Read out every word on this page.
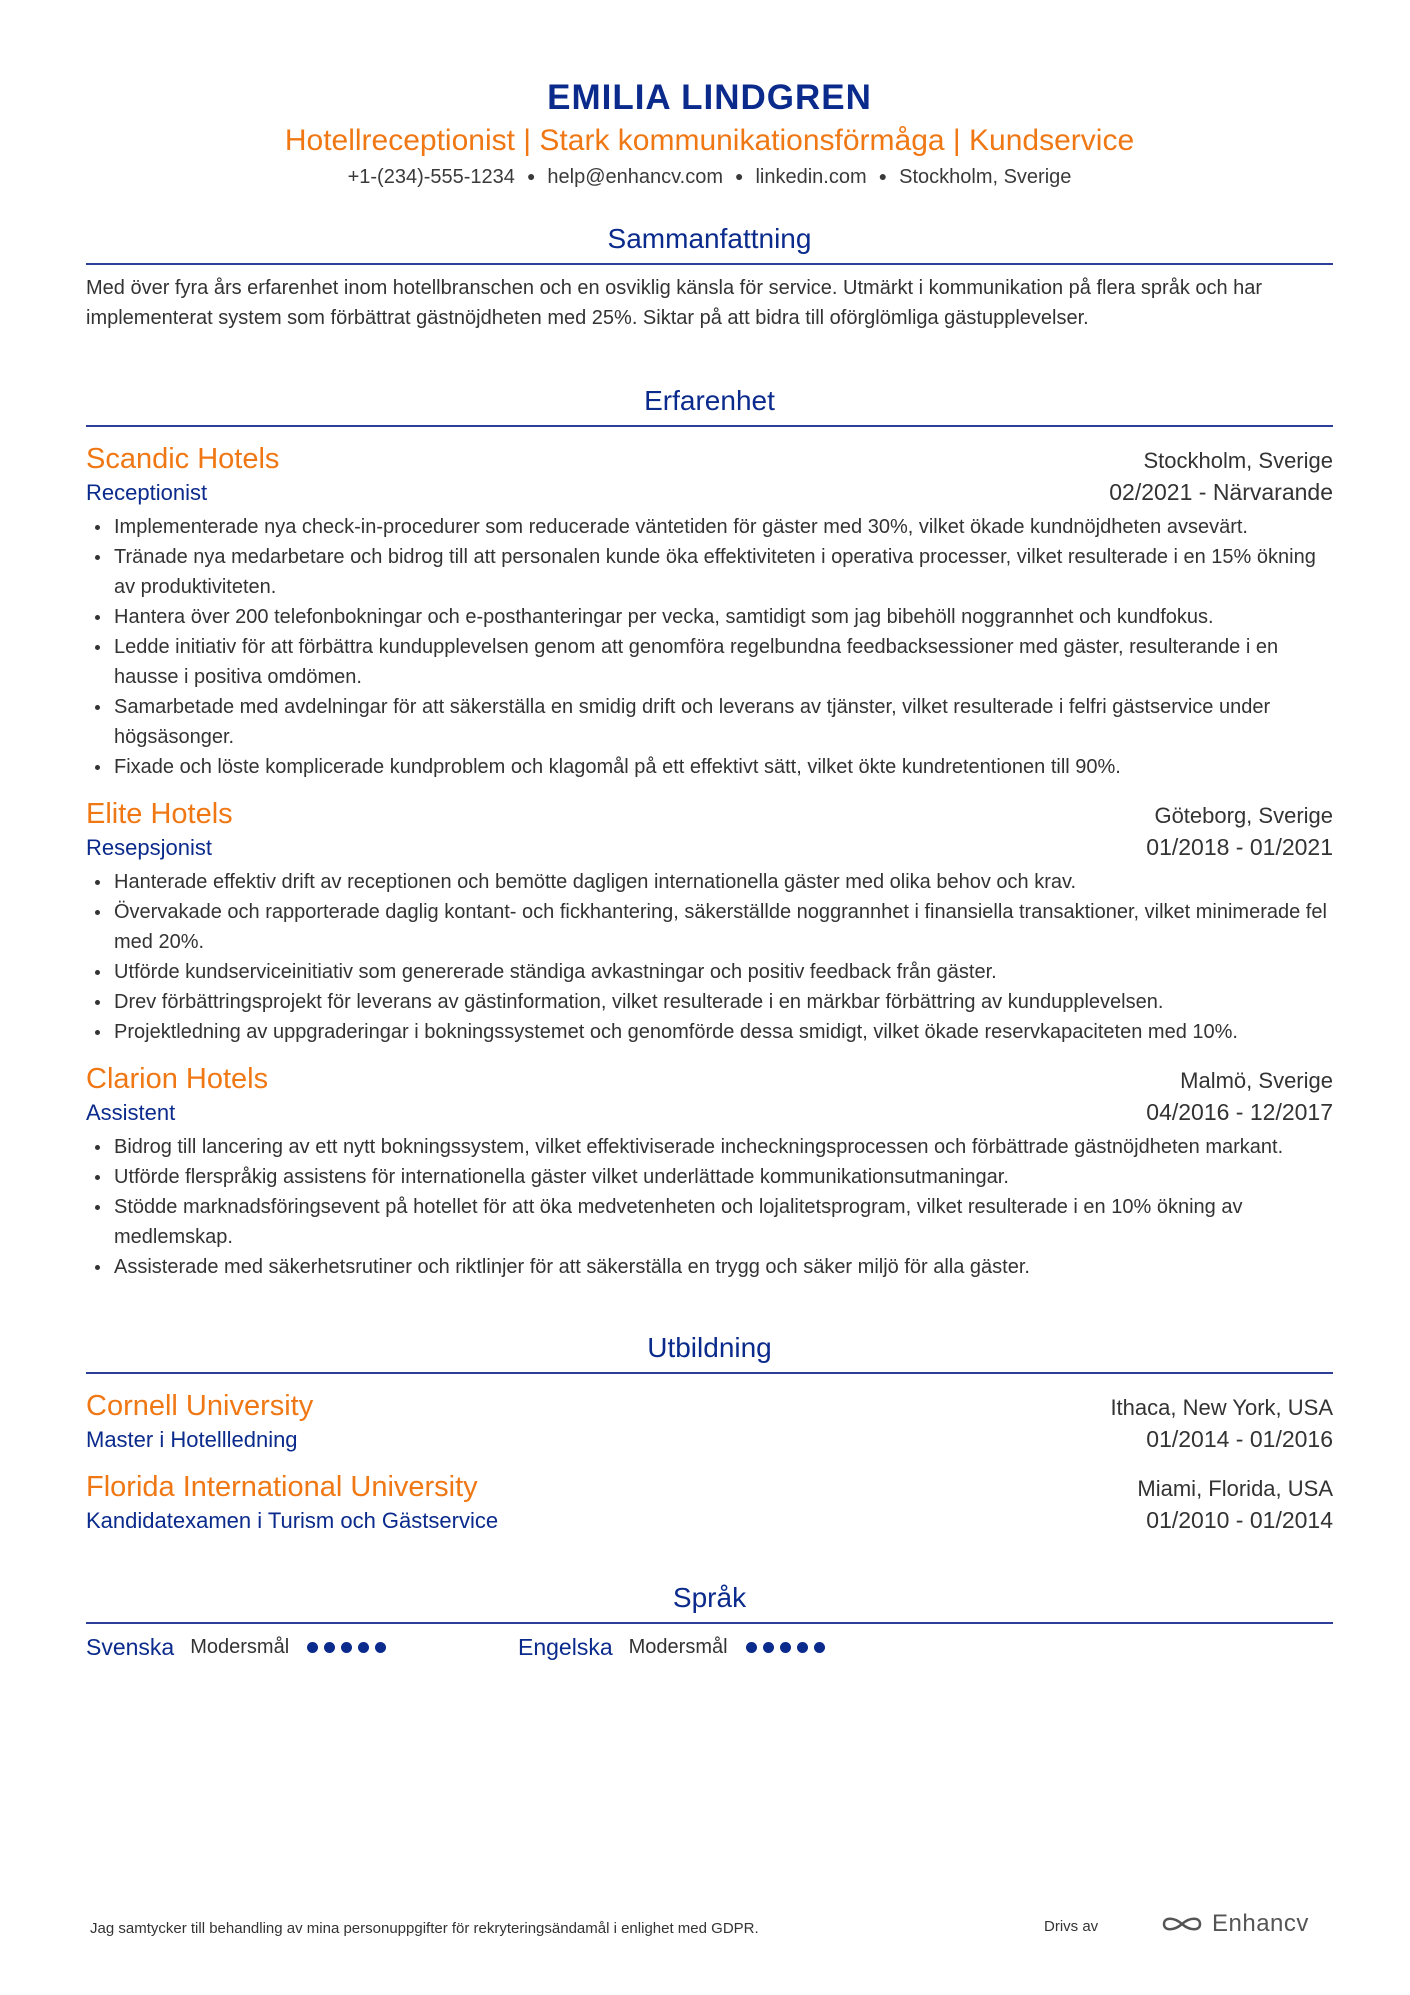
EMILIA LINDGREN
Hotellreceptionist | Stark kommunikationsförmåga | Kundservice
+1-(234)-555-1234 ● help@enhancv.com ● linkedin.com ● Stockholm, Sverige
Sammanfattning
Med över fyra års erfarenhet inom hotellbranschen och en osviklig känsla för service. Utmärkt i kommunikation på flera språk och har implementerat system som förbättrat gästnöjdheten med 25%. Siktar på att bidra till oförglömliga gästupplevelser.
Erfarenhet
Scandic Hotels	Stockholm, Sverige
Receptionist	02/2021 - Närvarande
Implementerade nya check-in-procedurer som reducerade väntetiden för gäster med 30%, vilket ökade kundnöjdheten avsevärt.
Tränade nya medarbetare och bidrog till att personalen kunde öka effektiviteten i operativa processer, vilket resulterade i en 15% ökning av produktiviteten.
Hantera över 200 telefonbokningar och e-posthanteringar per vecka, samtidigt som jag bibehöll noggrannhet och kundfokus.
Ledde initiativ för att förbättra kundupplevelsen genom att genomföra regelbundna feedbacksessioner med gäster, resulterande i en hausse i positiva omdömen.
Samarbetade med avdelningar för att säkerställa en smidig drift och leverans av tjänster, vilket resulterade i felfri gästservice under högsäsonger.
Fixade och löste komplicerade kundproblem och klagomål på ett effektivt sätt, vilket ökte kundretentionen till 90%.
Elite Hotels	Göteborg, Sverige
Resepsjonist	01/2018 - 01/2021
Hanterade effektiv drift av receptionen och bemötte dagligen internationella gäster med olika behov och krav.
Övervakade och rapporterade daglig kontant- och fickhantering, säkerställde noggrannhet i finansiella transaktioner, vilket minimerade fel med 20%.
Utförde kundserviceinitiativ som genererade ständiga avkastningar och positiv feedback från gäster.
Drev förbättringsprojekt för leverans av gästinformation, vilket resulterade i en märkbar förbättring av kundupplevelsen.
Projektledning av uppgraderingar i bokningssystemet och genomförde dessa smidigt, vilket ökade reservkapaciteten med 10%.
Clarion Hotels	Malmö, Sverige
Assistent	04/2016 - 12/2017
Bidrog till lancering av ett nytt bokningssystem, vilket effektiviserade incheckningsprocessen och förbättrade gästnöjdheten markant.
Utförde flerspråkig assistens för internationella gäster vilket underlättade kommunikationsutmaningar.
Stödde marknadsföringsevent på hotellet för att öka medvetenheten och lojalitetsprogram, vilket resulterade i en 10% ökning av medlemskap.
Assisterade med säkerhetsrutiner och riktlinjer för att säkerställa en trygg och säker miljö för alla gäster.
Utbildning
Cornell University	Ithaca, New York, USA
Master i Hotellledning	01/2014 - 01/2016
Florida International University	Miami, Florida, USA
Kandidatexamen i Turism och Gästservice	01/2010 - 01/2014
Språk
Svenska Modersmål	Engelska Modersmål
Jag samtycker till behandling av mina personuppgifter för rekryteringsändamål i enlighet med GDPR.	Drivs av	Enhancv
